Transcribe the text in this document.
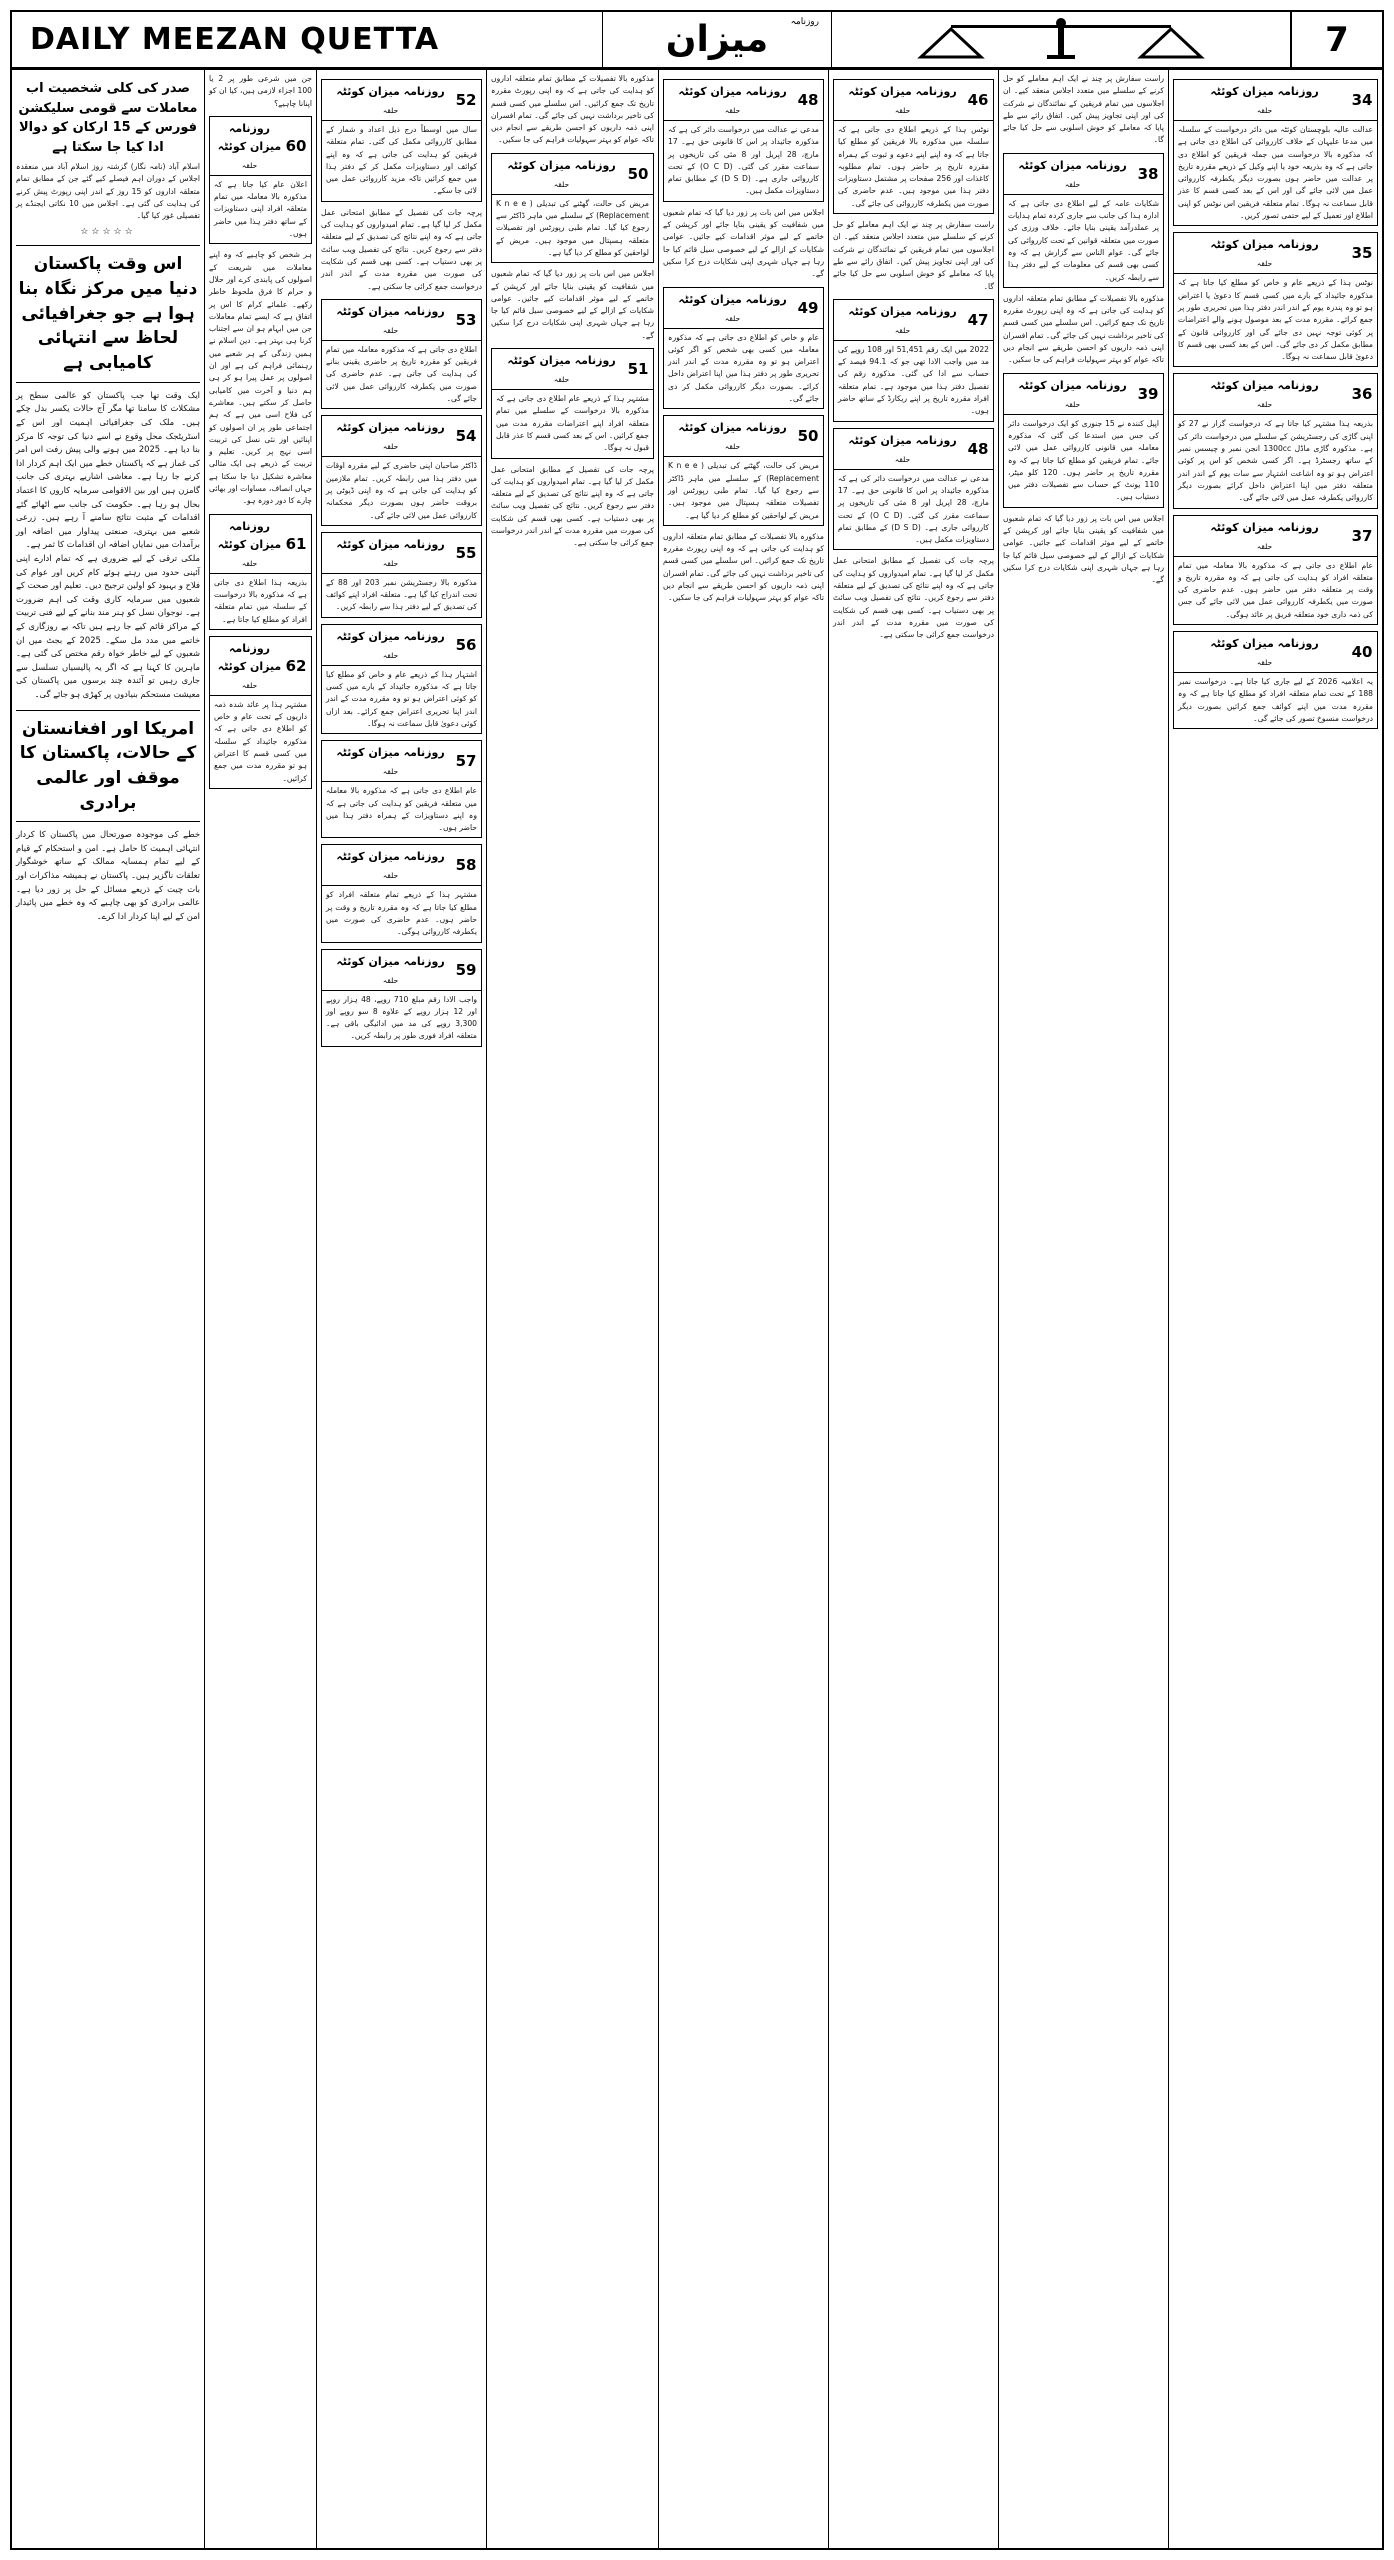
DAILY MEEZAN QUETTA
روزنامہ
میزان	7
صدر کی کلی شخصیت اب معاملات سے قومی سلیکشن فورس کے 15 ارکان کو دوالا ادا کیا جا سکتا ہے
اسلام آباد (نامہ نگار) گزشتہ روز اسلام آباد میں منعقدہ اجلاس کے دوران اہم فیصلے کیے گئے جن کے مطابق تمام متعلقہ اداروں کو 15 روز کے اندر اپنی رپورٹ پیش کرنے کی ہدایت کی گئی ہے۔ اجلاس میں 10 نکاتی ایجنڈے پر تفصیلی غور کیا گیا۔
☆☆☆☆☆
اس وقت پاکستان دنیا میں مرکز نگاہ بنا ہوا ہے جو جغرافیائی لحاظ سے انتہائی کامیابی ہے
ایک وقت تھا جب پاکستان کو عالمی سطح پر مشکلات کا سامنا تھا مگر آج حالات یکسر بدل چکے ہیں۔ ملک کی جغرافیائی اہمیت اور اس کے اسٹریٹجک محل وقوع نے اسے دنیا کی توجہ کا مرکز بنا دیا ہے۔ 2025 میں ہونے والی پیش رفت اس امر کی غماز ہے کہ پاکستان خطے میں ایک اہم کردار ادا کرنے جا رہا ہے۔ معاشی اشاریے بہتری کی جانب گامزن ہیں اور بین الاقوامی سرمایہ کاروں کا اعتماد بحال ہو رہا ہے۔ حکومت کی جانب سے اٹھائے گئے اقدامات کے مثبت نتائج سامنے آ رہے ہیں۔ زرعی شعبے میں بہتری، صنعتی پیداوار میں اضافہ اور برآمدات میں نمایاں اضافہ ان اقدامات کا ثمر ہے۔
ملکی ترقی کے لیے ضروری ہے کہ تمام ادارے اپنی آئینی حدود میں رہتے ہوئے کام کریں اور عوام کی فلاح و بہبود کو اولین ترجیح دیں۔ تعلیم اور صحت کے شعبوں میں سرمایہ کاری وقت کی اہم ضرورت ہے۔ نوجوان نسل کو ہنر مند بنانے کے لیے فنی تربیت کے مراکز قائم کیے جا رہے ہیں تاکہ بے روزگاری کے خاتمے میں مدد مل سکے۔ 2025 کے بجٹ میں ان شعبوں کے لیے خاطر خواہ رقم مختص کی گئی ہے۔ ماہرین کا کہنا ہے کہ اگر یہ پالیسیاں تسلسل سے جاری رہیں تو آئندہ چند برسوں میں پاکستان کی معیشت مستحکم بنیادوں پر کھڑی ہو جائے گی۔
امریکا اور افغانستان کے حالات، پاکستان کا موقف اور عالمی برادری
خطے کی موجودہ صورتحال میں پاکستان کا کردار انتہائی اہمیت کا حامل ہے۔ امن و استحکام کے قیام کے لیے تمام ہمسایہ ممالک کے ساتھ خوشگوار تعلقات ناگزیر ہیں۔ پاکستان نے ہمیشہ مذاکرات اور بات چیت کے ذریعے مسائل کے حل پر زور دیا ہے۔ عالمی برادری کو بھی چاہیے کہ وہ خطے میں پائیدار امن کے لیے اپنا کردار ادا کرے۔
جن میں شرعی طور پر 2 یا 100 اجزاء لازمی ہیں، کیا ان کو اپنانا چاہیے؟
60
روزنامہ میزان کوئٹہ
حلقہ
اعلان عام کیا جاتا ہے کہ مذکورہ بالا معاملہ میں تمام متعلقہ افراد اپنی دستاویزات کے ساتھ دفتر ہذا میں حاضر ہوں۔
ہر شخص کو چاہیے کہ وہ اپنے معاملات میں شریعت کے اصولوں کی پابندی کرے اور حلال و حرام کا فرق ملحوظ خاطر رکھے۔ علمائے کرام کا اس پر اتفاق ہے کہ ایسے تمام معاملات جن میں ابہام ہو ان سے اجتناب کرنا ہی بہتر ہے۔ دین اسلام نے ہمیں زندگی کے ہر شعبے میں رہنمائی فراہم کی ہے اور ان اصولوں پر عمل پیرا ہو کر ہی ہم دنیا و آخرت میں کامیابی حاصل کر سکتے ہیں۔ معاشرے کی فلاح اسی میں ہے کہ ہم اجتماعی طور پر ان اصولوں کو اپنائیں اور نئی نسل کی تربیت اسی نہج پر کریں۔ تعلیم و تربیت کے ذریعے ہی ایک مثالی معاشرہ تشکیل دیا جا سکتا ہے جہاں انصاف، مساوات اور بھائی چارے کا دور دورہ ہو۔
61
روزنامہ میزان کوئٹہ
حلقہ
بذریعہ ہذا اطلاع دی جاتی ہے کہ مذکورہ بالا درخواست کے سلسلہ میں تمام متعلقہ افراد کو مطلع کیا جاتا ہے۔
62
روزنامہ میزان کوئٹہ
حلقہ
مشتہر ہذا پر عائد شدہ ذمہ داریوں کے تحت عام و خاص کو اطلاع دی جاتی ہے کہ مذکورہ جائیداد کے سلسلہ میں کسی قسم کا اعتراض ہو تو مقررہ مدت میں جمع کرائیں۔
52
روزنامہ میزان کوئٹہ
حلقہ
سال میں اوسطاً درج ذیل اعداد و شمار کے مطابق کارروائی مکمل کی گئی۔ تمام متعلقہ فریقین کو ہدایت کی جاتی ہے کہ وہ اپنے کوائف اور دستاویزات مکمل کر کے دفتر ہذا میں جمع کرائیں تاکہ مزید کارروائی عمل میں لائی جا سکے۔
پرچہ جات کی تفصیل کے مطابق امتحانی عمل مکمل کر لیا گیا ہے۔ تمام امیدواروں کو ہدایت کی جاتی ہے کہ وہ اپنے نتائج کی تصدیق کے لیے متعلقہ دفتر سے رجوع کریں۔ نتائج کی تفصیل ویب سائٹ پر بھی دستیاب ہے۔ کسی بھی قسم کی شکایت کی صورت میں مقررہ مدت کے اندر اندر درخواست جمع کرائی جا سکتی ہے۔
53
روزنامہ میزان کوئٹہ
حلقہ
اطلاع دی جاتی ہے کہ مذکورہ معاملہ میں تمام فریقین کو مقررہ تاریخ پر حاضری یقینی بنانے کی ہدایت کی جاتی ہے۔ عدم حاضری کی صورت میں یکطرفہ کارروائی عمل میں لائی جائے گی۔
54
روزنامہ میزان کوئٹہ
حلقہ
ڈاکٹر صاحبان اپنی حاضری کے لیے مقررہ اوقات میں دفتر ہذا میں رابطہ کریں۔ تمام ملازمین کو ہدایت کی جاتی ہے کہ وہ اپنی ڈیوٹی پر بروقت حاضر ہوں بصورت دیگر محکمانہ کارروائی عمل میں لائی جائے گی۔
55
روزنامہ میزان کوئٹہ
حلقہ
مذکورہ بالا رجسٹریشن نمبر 203 اور 88 کے تحت اندراج کیا گیا ہے۔ متعلقہ افراد اپنے کوائف کی تصدیق کے لیے دفتر ہذا سے رابطہ کریں۔
56
روزنامہ میزان کوئٹہ
حلقہ
اشتہار ہذا کے ذریعے عام و خاص کو مطلع کیا جاتا ہے کہ مذکورہ جائیداد کے بارے میں کسی کو کوئی اعتراض ہو تو وہ مقررہ مدت کے اندر اندر اپنا تحریری اعتراض جمع کرائے۔ بعد ازاں کوئی دعویٰ قابل سماعت نہ ہوگا۔
57
روزنامہ میزان کوئٹہ
حلقہ
عام اطلاع دی جاتی ہے کہ مذکورہ بالا معاملہ میں متعلقہ فریقین کو ہدایت کی جاتی ہے کہ وہ اپنے دستاویزات کے ہمراہ دفتر ہذا میں حاضر ہوں۔
58
روزنامہ میزان کوئٹہ
حلقہ
مشتہر ہذا کے ذریعے تمام متعلقہ افراد کو مطلع کیا جاتا ہے کہ وہ مقررہ تاریخ و وقت پر حاضر ہوں۔ عدم حاضری کی صورت میں یکطرفہ کارروائی ہوگی۔
59
روزنامہ میزان کوئٹہ
حلقہ
واجب الادا رقم مبلغ 710 روپے، 48 ہزار روپے اور 12 ہزار روپے کے علاوہ 8 سو روپے اور 3,300 روپے کی مد میں ادائیگی باقی ہے۔ متعلقہ افراد فوری طور پر رابطہ کریں۔
مذکورہ بالا تفصیلات کے مطابق تمام متعلقہ اداروں کو ہدایت کی جاتی ہے کہ وہ اپنی رپورٹ مقررہ تاریخ تک جمع کرائیں۔ اس سلسلے میں کسی قسم کی تاخیر برداشت نہیں کی جائے گی۔ تمام افسران اپنی ذمہ داریوں کو احسن طریقے سے انجام دیں تاکہ عوام کو بہتر سہولیات فراہم کی جا سکیں۔
50
روزنامہ میزان کوئٹہ
حلقہ
مریض کی حالت، گھٹنے کی تبدیلی ( K n e e Replacement) کے سلسلے میں ماہر ڈاکٹر سے رجوع کیا گیا۔ تمام طبی رپورٹس اور تفصیلات متعلقہ ہسپتال میں موجود ہیں۔ مریض کے لواحقین کو مطلع کر دیا گیا ہے۔
اجلاس میں اس بات پر زور دیا گیا کہ تمام شعبوں میں شفافیت کو یقینی بنایا جائے اور کرپشن کے خاتمے کے لیے موثر اقدامات کیے جائیں۔ عوامی شکایات کے ازالے کے لیے خصوصی سیل قائم کیا جا رہا ہے جہاں شہری اپنی شکایات درج کرا سکیں گے۔
51
روزنامہ میزان کوئٹہ
حلقہ
مشتہر ہذا کے ذریعے عام اطلاع دی جاتی ہے کہ مذکورہ بالا درخواست کے سلسلے میں تمام متعلقہ افراد اپنے اعتراضات مقررہ مدت میں جمع کرائیں۔ اس کے بعد کسی قسم کا عذر قابل قبول نہ ہوگا۔
پرچہ جات کی تفصیل کے مطابق امتحانی عمل مکمل کر لیا گیا ہے۔ تمام امیدواروں کو ہدایت کی جاتی ہے کہ وہ اپنے نتائج کی تصدیق کے لیے متعلقہ دفتر سے رجوع کریں۔ نتائج کی تفصیل ویب سائٹ پر بھی دستیاب ہے۔ کسی بھی قسم کی شکایت کی صورت میں مقررہ مدت کے اندر اندر درخواست جمع کرائی جا سکتی ہے۔
48
روزنامہ میزان کوئٹہ
حلقہ
مدعی نے عدالت میں درخواست دائر کی ہے کہ مذکورہ جائیداد پر اس کا قانونی حق ہے۔ 17 مارچ، 28 اپریل اور 8 مئی کی تاریخوں پر سماعت مقرر کی گئی۔ (O C D) کے تحت کارروائی جاری ہے۔ (D S D) کے مطابق تمام دستاویزات مکمل ہیں۔
اجلاس میں اس بات پر زور دیا گیا کہ تمام شعبوں میں شفافیت کو یقینی بنایا جائے اور کرپشن کے خاتمے کے لیے موثر اقدامات کیے جائیں۔ عوامی شکایات کے ازالے کے لیے خصوصی سیل قائم کیا جا رہا ہے جہاں شہری اپنی شکایات درج کرا سکیں گے۔
49
روزنامہ میزان کوئٹہ
حلقہ
عام و خاص کو اطلاع دی جاتی ہے کہ مذکورہ معاملہ میں کسی بھی شخص کو اگر کوئی اعتراض ہو تو وہ مقررہ مدت کے اندر اندر تحریری طور پر دفتر ہذا میں اپنا اعتراض داخل کرائے۔ بصورت دیگر کارروائی مکمل کر دی جائے گی۔
50
روزنامہ میزان کوئٹہ
حلقہ
مریض کی حالت، گھٹنے کی تبدیلی ( K n e e Replacement) کے سلسلے میں ماہر ڈاکٹر سے رجوع کیا گیا۔ تمام طبی رپورٹس اور تفصیلات متعلقہ ہسپتال میں موجود ہیں۔ مریض کے لواحقین کو مطلع کر دیا گیا ہے۔
مذکورہ بالا تفصیلات کے مطابق تمام متعلقہ اداروں کو ہدایت کی جاتی ہے کہ وہ اپنی رپورٹ مقررہ تاریخ تک جمع کرائیں۔ اس سلسلے میں کسی قسم کی تاخیر برداشت نہیں کی جائے گی۔ تمام افسران اپنی ذمہ داریوں کو احسن طریقے سے انجام دیں تاکہ عوام کو بہتر سہولیات فراہم کی جا سکیں۔
46
روزنامہ میزان کوئٹہ
حلقہ
نوٹس ہذا کے ذریعے اطلاع دی جاتی ہے کہ سلسلہ میں مذکورہ بالا فریقین کو مطلع کیا جاتا ہے کہ وہ اپنے اپنے دعوے و ثبوت کے ہمراہ مقررہ تاریخ پر حاضر ہوں۔ تمام مطلوبہ کاغذات اور 256 صفحات پر مشتمل دستاویزات دفتر ہذا میں موجود ہیں۔ عدم حاضری کی صورت میں یکطرفہ کارروائی کی جائے گی۔
راست سفارش پر چند نے ایک اہم معاملے کو حل کرنے کے سلسلے میں متعدد اجلاس منعقد کیے۔ ان اجلاسوں میں تمام فریقین کے نمائندگان نے شرکت کی اور اپنی تجاویز پیش کیں۔ اتفاق رائے سے طے پایا کہ معاملے کو خوش اسلوبی سے حل کیا جائے گا۔
47
روزنامہ میزان کوئٹہ
حلقہ
2022 میں ایک رقم 51,451 اور 108 روپے کی مد میں واجب الادا تھی جو کہ 94.1 فیصد کے حساب سے ادا کی گئی۔ مذکورہ رقم کی تفصیل دفتر ہذا میں موجود ہے۔ تمام متعلقہ افراد مقررہ تاریخ پر اپنے ریکارڈ کے ساتھ حاضر ہوں۔
48
روزنامہ میزان کوئٹہ
حلقہ
مدعی نے عدالت میں درخواست دائر کی ہے کہ مذکورہ جائیداد پر اس کا قانونی حق ہے۔ 17 مارچ، 28 اپریل اور 8 مئی کی تاریخوں پر سماعت مقرر کی گئی۔ (O C D) کے تحت کارروائی جاری ہے۔ (D S D) کے مطابق تمام دستاویزات مکمل ہیں۔
پرچہ جات کی تفصیل کے مطابق امتحانی عمل مکمل کر لیا گیا ہے۔ تمام امیدواروں کو ہدایت کی جاتی ہے کہ وہ اپنے نتائج کی تصدیق کے لیے متعلقہ دفتر سے رجوع کریں۔ نتائج کی تفصیل ویب سائٹ پر بھی دستیاب ہے۔ کسی بھی قسم کی شکایت کی صورت میں مقررہ مدت کے اندر اندر درخواست جمع کرائی جا سکتی ہے۔
راست سفارش پر چند نے ایک اہم معاملے کو حل کرنے کے سلسلے میں متعدد اجلاس منعقد کیے۔ ان اجلاسوں میں تمام فریقین کے نمائندگان نے شرکت کی اور اپنی تجاویز پیش کیں۔ اتفاق رائے سے طے پایا کہ معاملے کو خوش اسلوبی سے حل کیا جائے گا۔
38
روزنامہ میزان کوئٹہ
حلقہ
شکایات عامہ کے لیے اطلاع دی جاتی ہے کہ ادارہ ہذا کی جانب سے جاری کردہ تمام ہدایات پر عملدرآمد یقینی بنایا جائے۔ خلاف ورزی کی صورت میں متعلقہ قوانین کے تحت کارروائی کی جائے گی۔ عوام الناس سے گزارش ہے کہ وہ کسی بھی قسم کی معلومات کے لیے دفتر ہذا سے رابطہ کریں۔
مذکورہ بالا تفصیلات کے مطابق تمام متعلقہ اداروں کو ہدایت کی جاتی ہے کہ وہ اپنی رپورٹ مقررہ تاریخ تک جمع کرائیں۔ اس سلسلے میں کسی قسم کی تاخیر برداشت نہیں کی جائے گی۔ تمام افسران اپنی ذمہ داریوں کو احسن طریقے سے انجام دیں تاکہ عوام کو بہتر سہولیات فراہم کی جا سکیں۔
39
روزنامہ میزان کوئٹہ
حلقہ
اپیل کنندہ نے 15 جنوری کو ایک درخواست دائر کی جس میں استدعا کی گئی کہ مذکورہ معاملہ میں قانونی کارروائی عمل میں لائی جائے۔ تمام فریقین کو مطلع کیا جاتا ہے کہ وہ مقررہ تاریخ پر حاضر ہوں۔ 120 کلو میٹر، 110 یونٹ کے حساب سے تفصیلات دفتر میں دستیاب ہیں۔
اجلاس میں اس بات پر زور دیا گیا کہ تمام شعبوں میں شفافیت کو یقینی بنایا جائے اور کرپشن کے خاتمے کے لیے موثر اقدامات کیے جائیں۔ عوامی شکایات کے ازالے کے لیے خصوصی سیل قائم کیا جا رہا ہے جہاں شہری اپنی شکایات درج کرا سکیں گے۔
34
روزنامہ میزان کوئٹہ
حلقہ
عدالت عالیہ بلوچستان کوئٹہ میں دائر درخواست کے سلسلہ میں مدعا علیہان کے خلاف کارروائی کی اطلاع دی جاتی ہے کہ مذکورہ بالا درخواست میں جملہ فریقین کو اطلاع دی جاتی ہے کہ وہ بذریعہ خود یا اپنے وکیل کے ذریعے مقررہ تاریخ پر عدالت میں حاضر ہوں بصورت دیگر یکطرفہ کارروائی عمل میں لائی جائے گی اور اس کے بعد کسی قسم کا عذر قابل سماعت نہ ہوگا۔ تمام متعلقہ فریقین اس نوٹس کو اپنی اطلاع اور تعمیل کے لیے حتمی تصور کریں۔
35
روزنامہ میزان کوئٹہ
حلقہ
نوٹس ہذا کے ذریعے عام و خاص کو مطلع کیا جاتا ہے کہ مذکورہ جائیداد کے بارے میں کسی قسم کا دعویٰ یا اعتراض ہو تو وہ پندرہ یوم کے اندر اندر دفتر ہذا میں تحریری طور پر جمع کرائے۔ مقررہ مدت کے بعد موصول ہونے والے اعتراضات پر کوئی توجہ نہیں دی جائے گی اور کارروائی قانون کے مطابق مکمل کر دی جائے گی۔ اس کے بعد کسی بھی قسم کا دعویٰ قابل سماعت نہ ہوگا۔
36
روزنامہ میزان کوئٹہ
حلقہ
بذریعہ ہذا مشتہر کیا جاتا ہے کہ درخواست گزار نے 27 کو اپنی گاڑی کی رجسٹریشن کے سلسلے میں درخواست دائر کی ہے۔ مذکورہ گاڑی ماڈل 1300cc انجن نمبر و چیسس نمبر کے ساتھ رجسٹرڈ ہے۔ اگر کسی شخص کو اس پر کوئی اعتراض ہو تو وہ اشاعت اشتہار سے سات یوم کے اندر اندر متعلقہ دفتر میں اپنا اعتراض داخل کرائے بصورت دیگر کارروائی یکطرفہ عمل میں لائی جائے گی۔
37
روزنامہ میزان کوئٹہ
حلقہ
عام اطلاع دی جاتی ہے کہ مذکورہ بالا معاملہ میں تمام متعلقہ افراد کو ہدایت کی جاتی ہے کہ وہ مقررہ تاریخ و وقت پر متعلقہ دفتر میں حاضر ہوں۔ عدم حاضری کی صورت میں یکطرفہ کارروائی عمل میں لائی جائے گی جس کی ذمہ داری خود متعلقہ فریق پر عائد ہوگی۔
40
روزنامہ میزان کوئٹہ
حلقہ
یہ اعلامیہ 2026 کے لیے جاری کیا جاتا ہے۔ درخواست نمبر 188 کے تحت تمام متعلقہ افراد کو مطلع کیا جاتا ہے کہ وہ مقررہ مدت میں اپنے کوائف جمع کرائیں بصورت دیگر درخواست منسوخ تصور کی جائے گی۔
